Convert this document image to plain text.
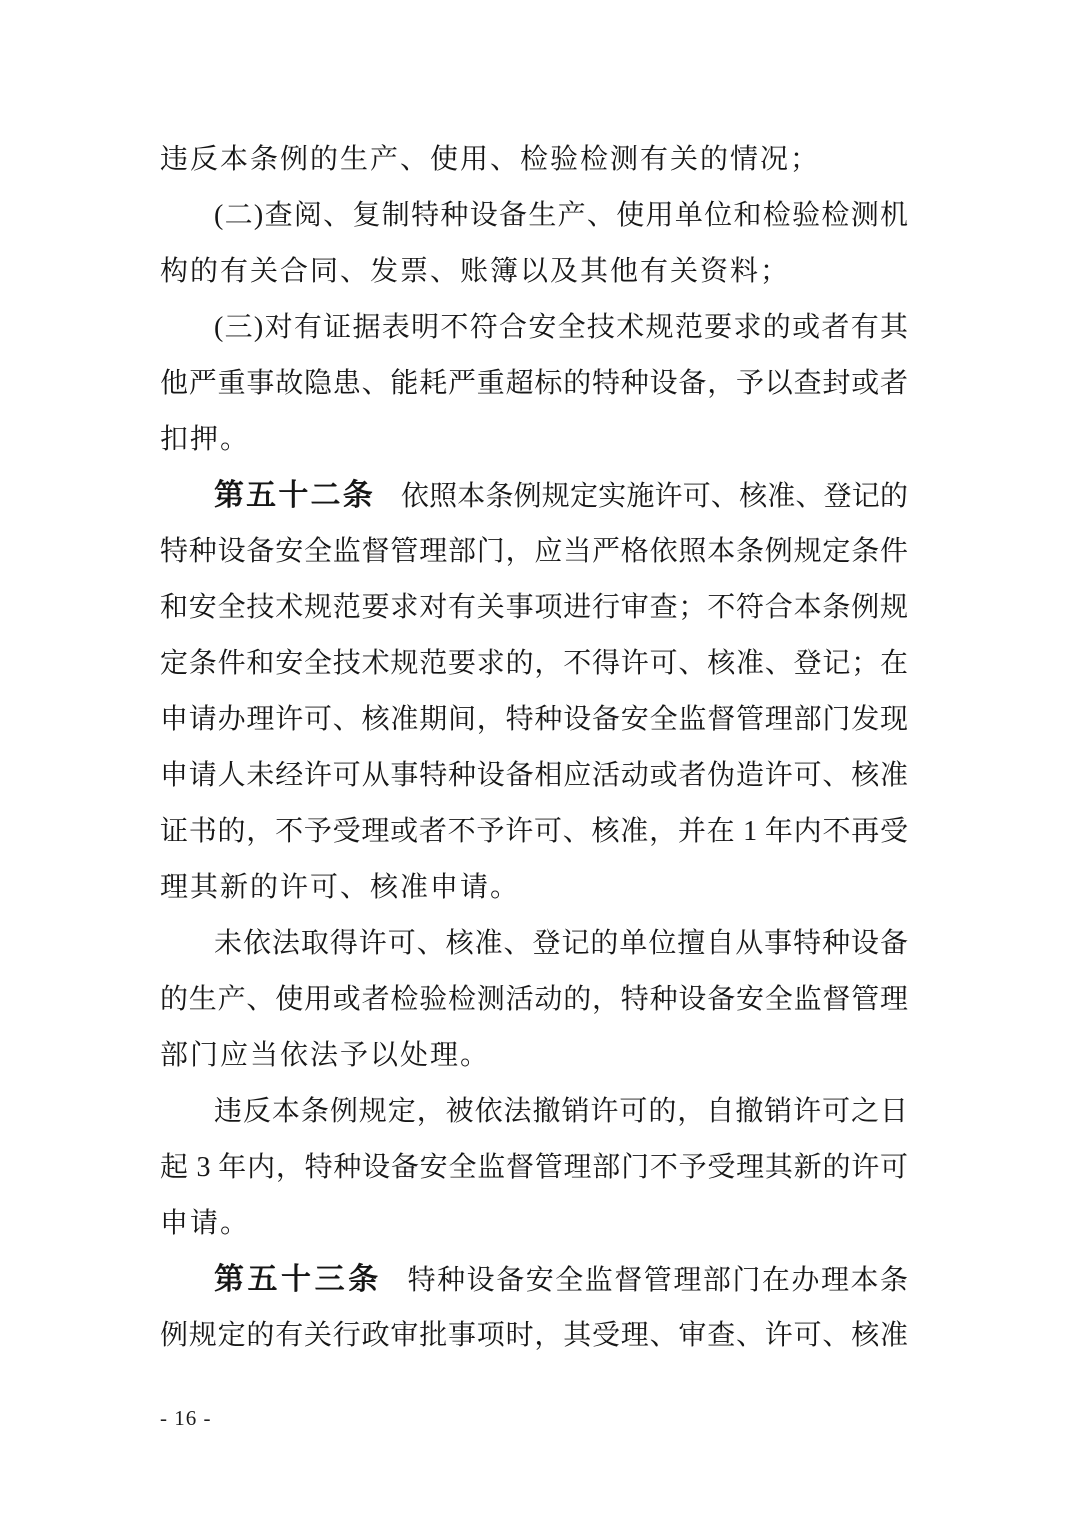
违反本条例的生产、使用、检验检测有关的情况；
(二)查阅、复制特种设备生产、使用单位和检验检测机
构的有关合同、发票、账簿以及其他有关资料；
(三)对有证据表明不符合安全技术规范要求的或者有其
他严重事故隐患、能耗严重超标的特种设备，予以查封或者
扣押。
第五十二条 依照本条例规定实施许可、核准、登记的
特种设备安全监督管理部门，应当严格依照本条例规定条件
和安全技术规范要求对有关事项进行审查；不符合本条例规
定条件和安全技术规范要求的，不得许可、核准、登记；在
申请办理许可、核准期间，特种设备安全监督管理部门发现
申请人未经许可从事特种设备相应活动或者伪造许可、核准
证书的，不予受理或者不予许可、核准，并在 1 年内不再受
理其新的许可、核准申请。
未依法取得许可、核准、登记的单位擅自从事特种设备
的生产、使用或者检验检测活动的，特种设备安全监督管理
部门应当依法予以处理。
违反本条例规定，被依法撤销许可的，自撤销许可之日
起 3 年内，特种设备安全监督管理部门不予受理其新的许可
申请。
第五十三条 特种设备安全监督管理部门在办理本条
例规定的有关行政审批事项时，其受理、审查、许可、核准
- 16 -
